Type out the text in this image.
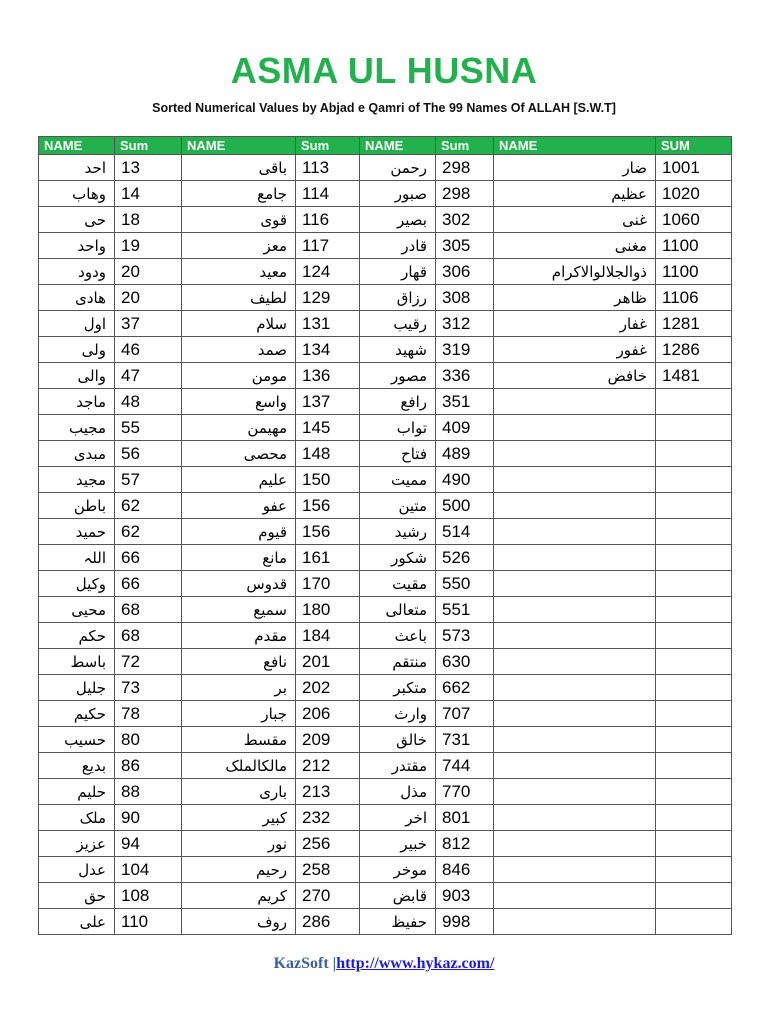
ASMA UL HUSNA
Sorted Numerical Values by Abjad e Qamri of The 99 Names Of ALLAH [S.W.T]
NAME	Sum	NAME	Sum	NAME	Sum	NAME	SUM
احد	13	باقی	113	رحمن	298	ضار	1001
وهاب	14	جامع	114	صبور	298	عظیم	1020
حی	18	قوی	116	بصیر	302	غنی	1060
واحد	19	معز	117	قادر	305	مغنی	1100
ودود	20	معید	124	قهار	306	ذوالجلالوالاکرام	1100
هادی	20	لطیف	129	رزاق	308	ظاهر	1106
اول	37	سلام	131	رقیب	312	غفار	1281
ولی	46	صمد	134	شهید	319	غفور	1286
والی	47	مومن	136	مصور	336	خافض	1481
ماجد	48	واسع	137	رافع	351		
مجیب	55	مهیمن	145	تواب	409		
مبدی	56	محصی	148	فتاح	489		
مجید	57	علیم	150	ممیت	490		
باطن	62	عفو	156	متین	500		
حمید	62	قیوم	156	رشید	514		
اللہ	66	مانع	161	شکور	526		
وکیل	66	قدوس	170	مقیت	550		
محیی	68	سمیع	180	متعالی	551		
حکم	68	مقدم	184	باعث	573		
باسط	72	نافع	201	منتقم	630		
جلیل	73	بر	202	متکبر	662		
حکیم	78	جبار	206	وارث	707		
حسیب	80	مقسط	209	خالق	731		
بدیع	86	مالکالملک	212	مقتدر	744		
حلیم	88	باری	213	مذل	770		
ملک	90	کبیر	232	اخر	801		
عزیز	94	نور	256	خبیر	812		
عدل	104	رحیم	258	موخر	846		
حق	108	کریم	270	قابض	903		
علی	110	روف	286	حفیظ	998		
KazSoft |http://www.hykaz.com/
